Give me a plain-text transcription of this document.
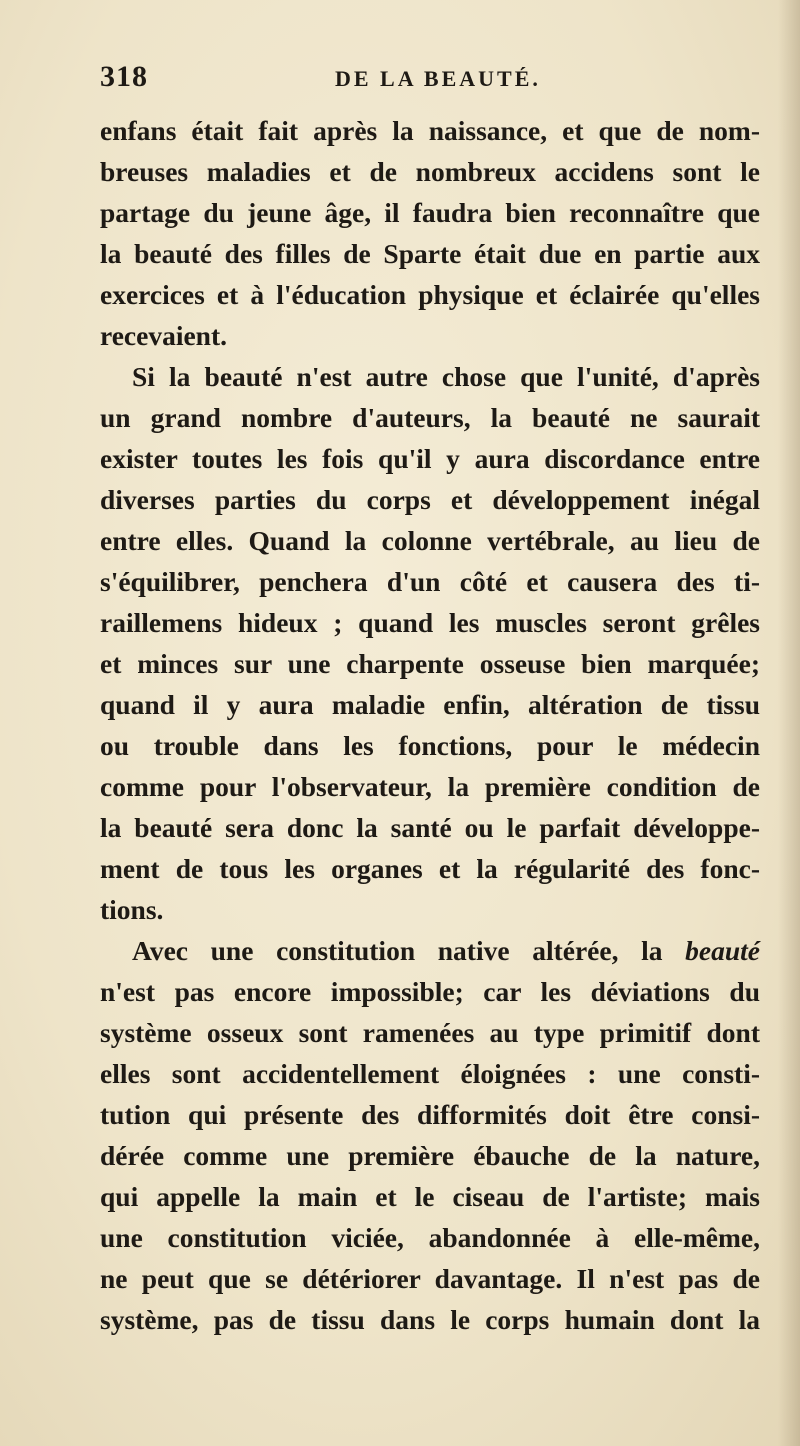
318	DE LA BEAUTÉ.
enfans était fait après la naissance, et que de nom-
breuses maladies et de nombreux accidens sont le
partage du jeune âge, il faudra bien reconnaître que
la beauté des filles de Sparte était due en partie aux
exercices et à l'éducation physique et éclairée qu'elles
recevaient.
Si la beauté n'est autre chose que l'unité, d'après
un grand nombre d'auteurs, la beauté ne saurait
exister toutes les fois qu'il y aura discordance entre
diverses parties du corps et développement inégal
entre elles. Quand la colonne vertébrale, au lieu de
s'équilibrer, penchera d'un côté et causera des ti-
raillemens hideux ; quand les muscles seront grêles
et minces sur une charpente osseuse bien marquée;
quand il y aura maladie enfin, altération de tissu
ou trouble dans les fonctions, pour le médecin
comme pour l'observateur, la première condition de
la beauté sera donc la santé ou le parfait développe-
ment de tous les organes et la régularité des fonc-
tions.
Avec une constitution native altérée, la beauté
n'est pas encore impossible; car les déviations du
système osseux sont ramenées au type primitif dont
elles sont accidentellement éloignées : une consti-
tution qui présente des difformités doit être consi-
dérée comme une première ébauche de la nature,
qui appelle la main et le ciseau de l'artiste; mais
une constitution viciée, abandonnée à elle-même,
ne peut que se détériorer davantage. Il n'est pas de
système, pas de tissu dans le corps humain dont la
